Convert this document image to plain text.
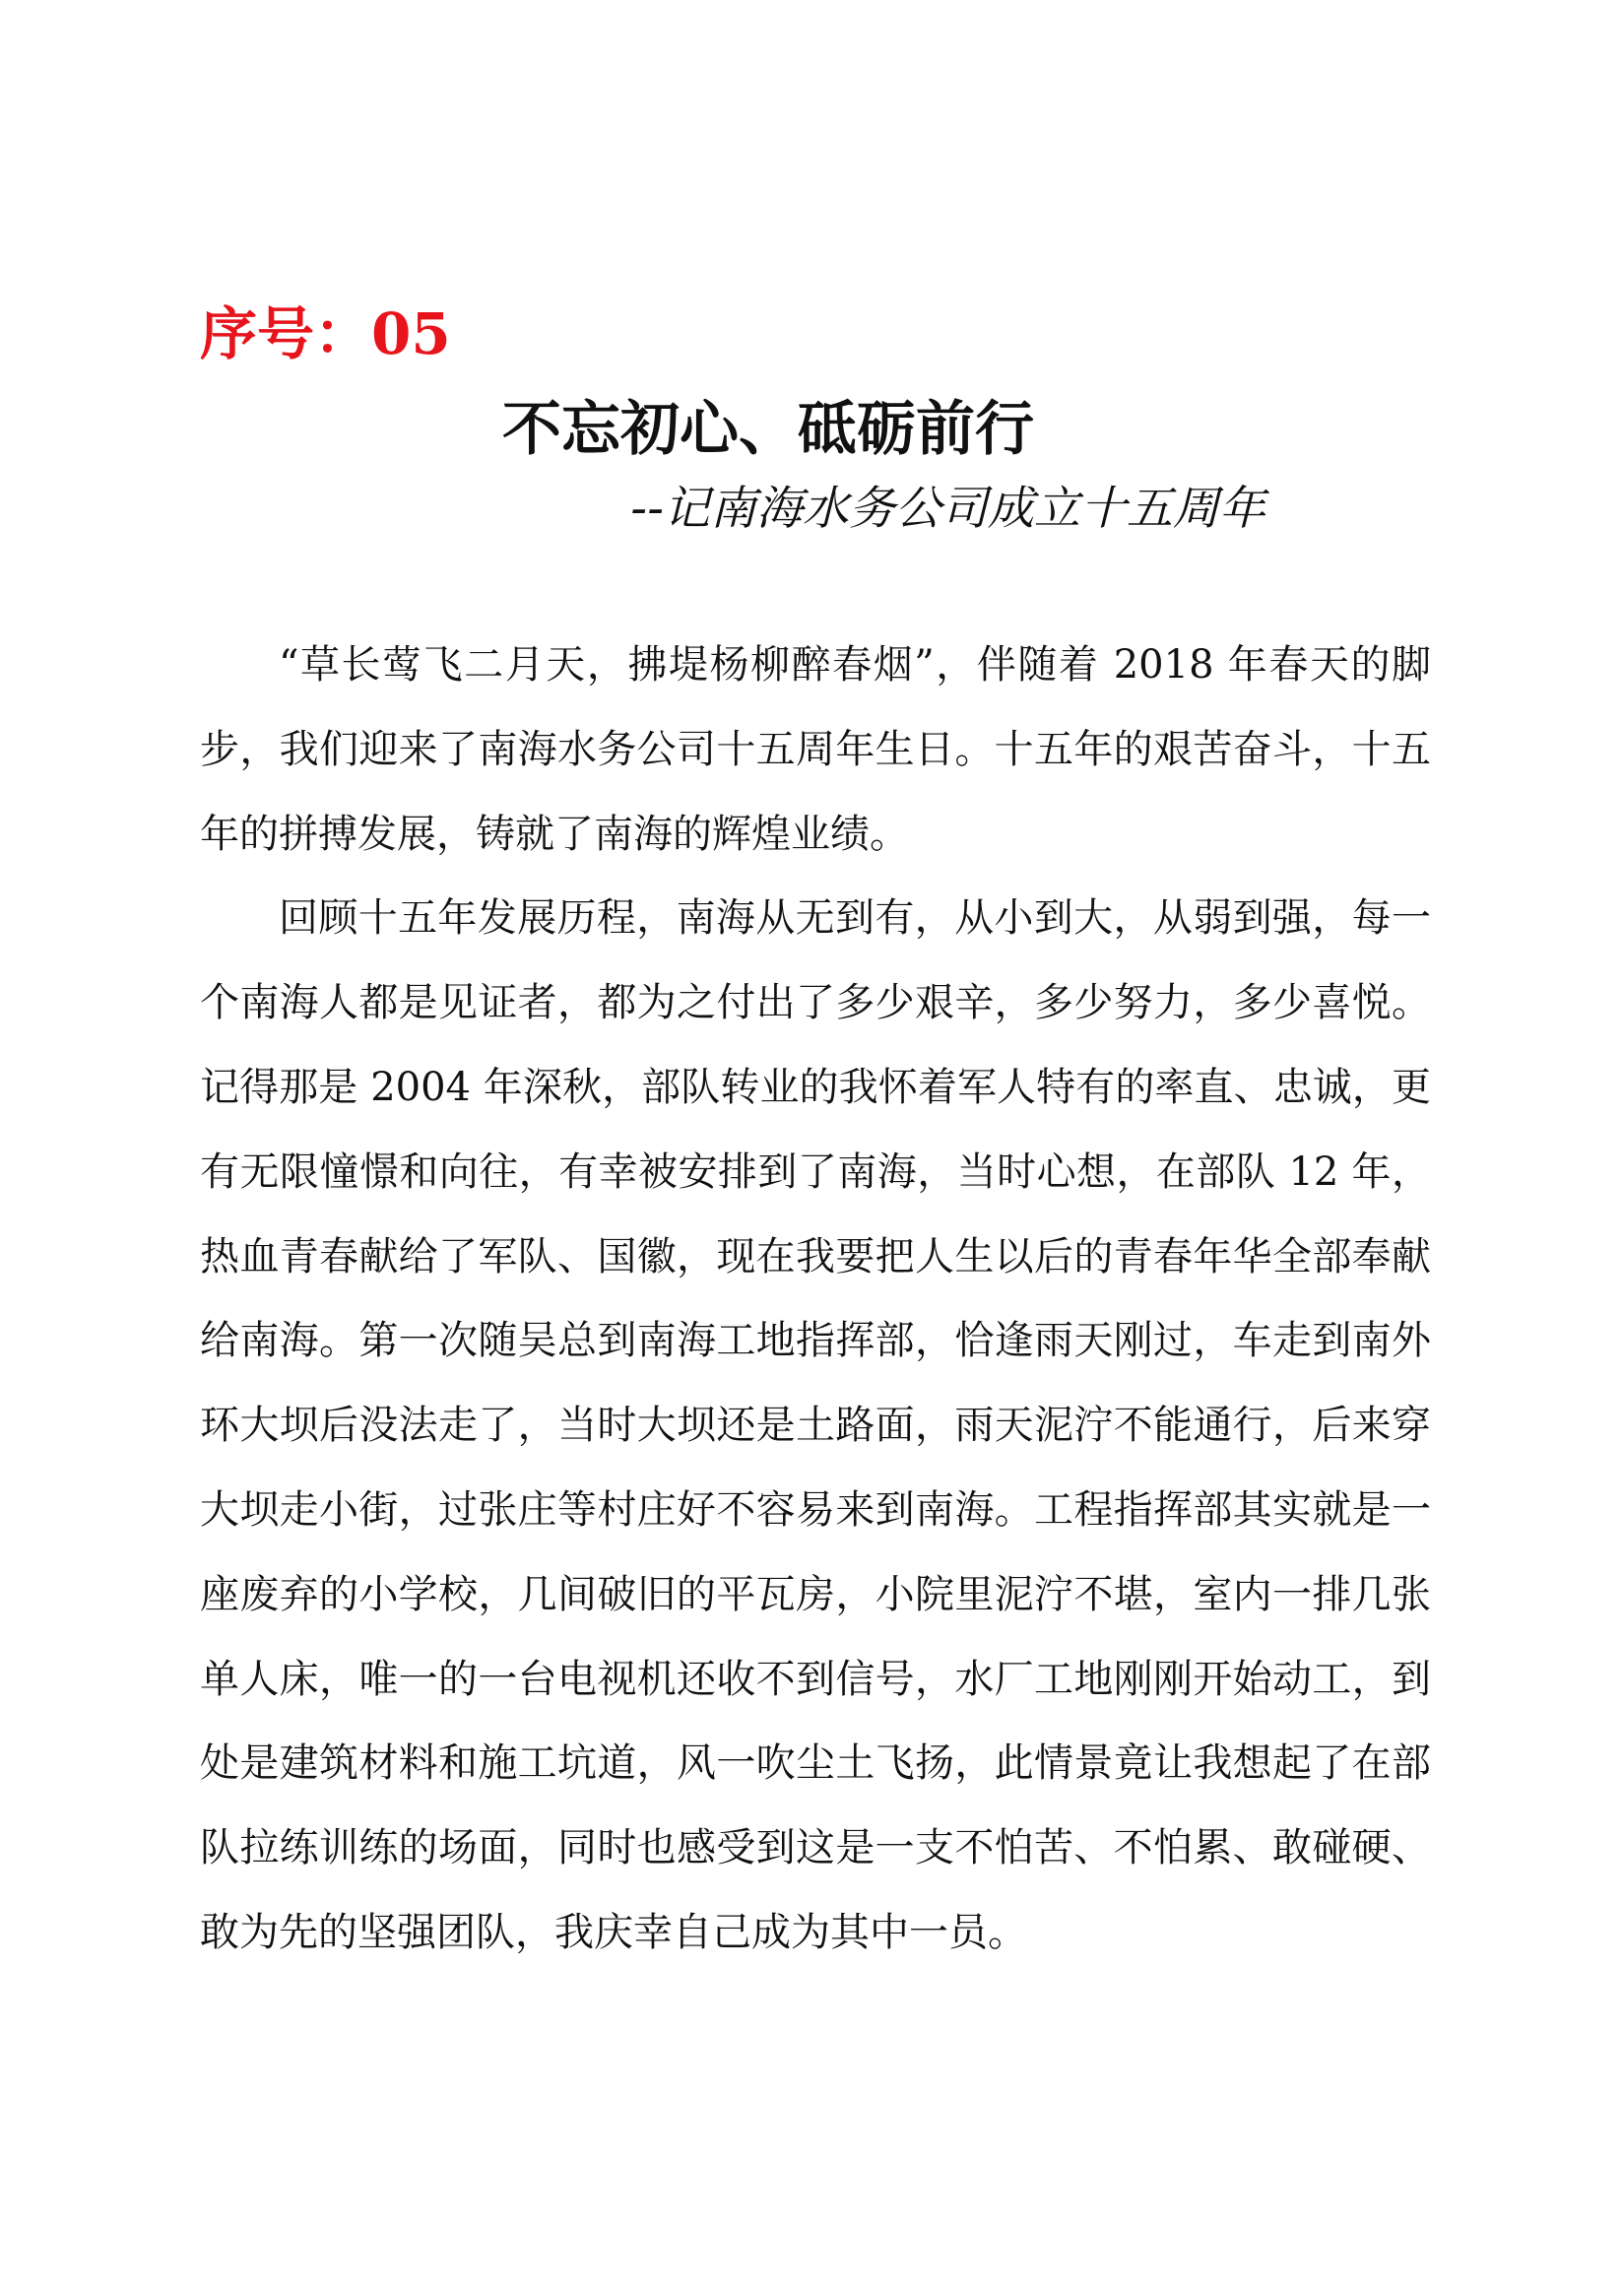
序号：05
不忘初心、砥砺前行
--记南海水务公司成立十五周年

“草长莺飞二月天，拂堤杨柳醉春烟”，伴随着 2018 年春天的脚步，我们迎来了南海水务公司十五周年生日。十五年的艰苦奋斗，十五年的拼搏发展，铸就了南海的辉煌业绩。

回顾十五年发展历程，南海从无到有，从小到大，从弱到强，每一个南海人都是见证者，都为之付出了多少艰辛，多少努力，多少喜悦。记得那是 2004 年深秋，部队转业的我怀着军人特有的率直、忠诚，更有无限憧憬和向往，有幸被安排到了南海，当时心想，在部队 12 年，热血青春献给了军队、国徽，现在我要把人生以后的青春年华全部奉献给南海。第一次随吴总到南海工地指挥部，恰逢雨天刚过，车走到南外环大坝后没法走了，当时大坝还是土路面，雨天泥泞不能通行，后来穿大坝走小街，过张庄等村庄好不容易来到南海。工程指挥部其实就是一座废弃的小学校，几间破旧的平瓦房，小院里泥泞不堪，室内一排几张单人床，唯一的一台电视机还收不到信号，水厂工地刚刚开始动工，到处是建筑材料和施工坑道，风一吹尘土飞扬，此情景竟让我想起了在部队拉练训练的场面，同时也感受到这是一支不怕苦、不怕累、敢碰硬、敢为先的坚强团队，我庆幸自己成为其中一员。
